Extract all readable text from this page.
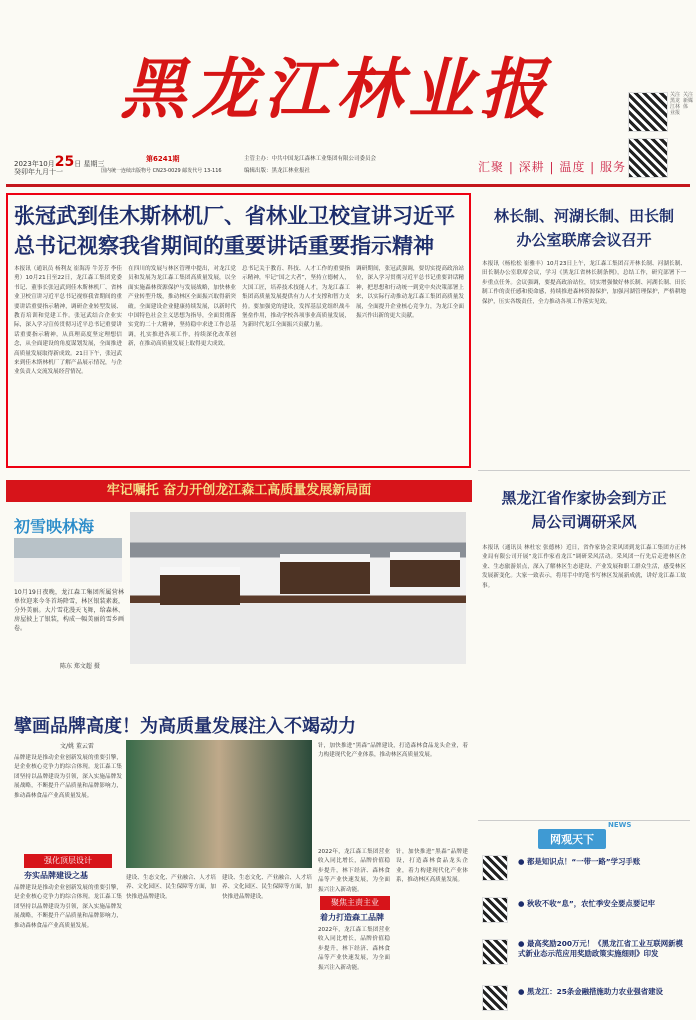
黑龙江林业报	关注黑龙江林业报
关注新媒体
2023年10月25日 星期三
癸卯年九月十一
第6241期
国内统一连续出版物号 CN23-0029 邮发代号 13-116
主管主办：中共中国龙江森林工业集团有限公司委员会
编辑出版：黑龙江林业报社	汇聚 | 深耕 | 温度 | 服务
张冠武到佳木斯林机厂、省林业卫校宣讲习近平总书记视察我省期间的重要讲话重要指示精神
本报讯（通讯员 杨利友 崔海涛 牛芳芳 李佳勇）10月21日至22日，龙江森工集团党委书记、董事长张冠武到佳木斯林机厂、省林业卫校宣讲习近平总书记视察我省期间的重要讲话重要指示精神，调研企业转型发展、教育培训和党建工作。张冠武结合企业实际，深入学习宣传贯彻习近平总书记重要讲话重要指示精神，从真理高度坚定理想信念，从全面建设的角度谋划发展，全面推进高质量发展取得新成效。21日下午，张冠武来到佳木斯林机厂了解产品展示情况，与企业负责人交流发展经营情况。
在四川的发展与林区管理中提出，对龙江党员和发展为龙江森工集团高质量发展，以全面实施森林资源保护与发展战略，加快林业产业转型升级，推动林区全面振兴取得新突破。全面建设企业健康持续发展，以新时代中国特色社会主义思想为指导，全面贯彻落实党的二十大精神，坚持稳中求进工作总基调，扎实推进各项工作，持续深化改革创新，在推动高质量发展上取得更大成效。
总书记关于教育、科技、人才工作的重要指示精神，牢记“国之大者”，坚持立德树人，大国工匠，培养技术技能人才，为龙江森工集团高质量发展提供有力人才支撑和智力支持。要加强党的建设，发挥基层党组织战斗堡垒作用，推动学校各项事业高质量发展，为新时代龙江全面振兴贡献力量。
调研期间，张冠武强调，要切实提高政治站位，深入学习贯彻习近平总书记重要讲话精神，把思想和行动统一到党中央决策部署上来，以实际行动推动龙江森工集团高质量发展，全面提升企业核心竞争力，为龙江全面振兴作出新的更大贡献。
牢记嘱托 奋力开创龙江森工高质量发展新局面
初雪映林海
10月19日夜晚，龙江森工集团所属营林单位迎来今冬首场降雪，林区银装素裹，分外美丽。大片雪花漫天飞舞，给森林、房屋披上了银装，构成一幅美丽的雪乡画卷。
陈东 郑文超 摄
擘画品牌高度！为高质量发展注入不竭动力
文/姚 董云雷
品牌建设是推动企业创新发展的重要引擎，是企业核心竞争力的综合体现。龙江森工集团坚持以品牌建设为引领，深入实施品牌发展战略，不断提升产品质量和品牌影响力，推动森林食品产业高质量发展。
强化顶层设计
夯实品牌建设之基
品牌建设是推动企业创新发展的重要引擎，是企业核心竞争力的综合体现。龙江森工集团坚持以品牌建设为引领，深入实施品牌发展战略，不断提升产品质量和品牌影响力，推动森林食品产业高质量发展。
建设、生态文化、产业融合、人才培养、文化园区、民生保障等方面，加快推进品牌建设。
建设、生态文化、产业融合、人才培养、文化园区、民生保障等方面，加快推进品牌建设。
针，加快推进“黑森”品牌建设，打造森林食品龙头企业，着力构建现代化产业体系，推动林区高质量发展。
聚焦主责主业
着力打造森工品牌
2022年，龙江森工集团营业收入同比增长，品牌价值稳步提升，林下经济、森林食品等产业快速发展，为全面振兴注入新动能。
2022年，龙江森工集团营业收入同比增长，品牌价值稳步提升，林下经济、森林食品等产业快速发展，为全面振兴注入新动能。
针，加快推进“黑森”品牌建设，打造森林食品龙头企业，着力构建现代化产业体系，推动林区高质量发展。
林长制、河湖长制、田长制办公室联席会议召开
本报讯（杨松松 崔雅丰）10月23日上午，龙江森工集团召开林长制、河湖长制、田长制办公室联席会议，学习《黑龙江省林长制条例》，总结工作，研究部署下一步重点任务。会议强调，要提高政治站位，切实增强做好林长制、河湖长制、田长制工作的责任感和使命感，持续推进森林资源保护，加强河湖管理保护，严格耕地保护，压实各级责任，全力推动各项工作落实见效。
黑龙江省作家协会到方正局公司调研采风
本报讯（通讯员 林杜宏 张德林）近日，省作家协会采风团到龙江森工集团方正林业局有限公司开展“龙江作家看龙江”调研采风活动。采风团一行先后走进林区企业、生态旅游景点，深入了解林区生态建设、产业发展和职工群众生活，感受林区发展新变化。大家一致表示，将用手中的笔书写林区发展新成就，讲好龙江森工故事。
NEWS
网观天下
● 都是知识点！“一带一路”学习手账
● 秋收不收“息”，农忙季安全要点要记牢
● 最高奖励200万元！《黑龙江省工业互联网新模式新业态示范应用奖励政策实施细则》印发
● 黑龙江：25条金融措施助力农业强省建设
